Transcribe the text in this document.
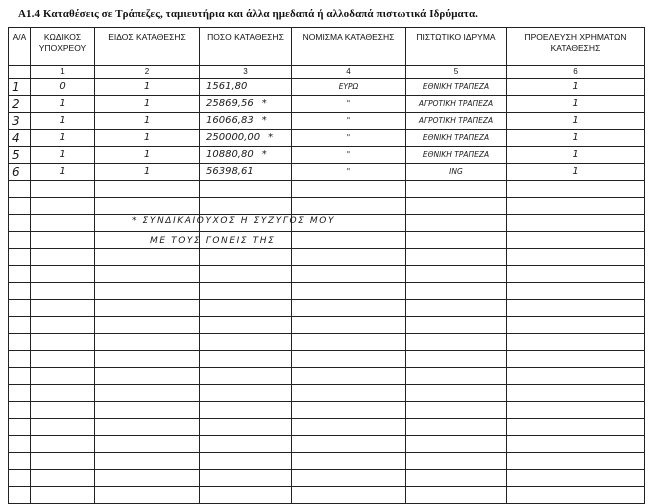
Α1.4 Καταθέσεις σε Τράπεζες, ταμιευτήρια και άλλα ημεδαπά ή αλλοδαπά πιστωτικά Ιδρύματα.
Α/Α	ΚΩΔΙΚΟΣ ΥΠΟΧΡΕΟΥ	ΕΙΔΟΣ ΚΑΤΑΘΕΣΗΣ	ΠΟΣΟ ΚΑΤΑΘΕΣΗΣ	ΝΟΜΙΣΜΑ ΚΑΤΑΘΕΣΗΣ	ΠΙΣΤΩΤΙΚΟ ΙΔΡΥΜΑ	ΠΡΟΕΛΕΥΣΗ ΧΡΗΜΑΤΩΝ ΚΑΤΑΘΕΣΗΣ
	1	2	3	4	5	6
1	0	1	1561,80	ΕΥΡΩ	ΕΘΝΙΚΗ ΤΡΑΠΕΖΑ	1
2	1	1	25869,56 *	"	ΑΓΡΟΤΙΚΗ ΤΡΑΠΕΖΑ	1
3	1	1	16066,83 *	"	ΑΓΡΟΤΙΚΗ ΤΡΑΠΕΖΑ	1
4	1	1	250000,00 *	"	ΕΘΝΙΚΗ ΤΡΑΠΕΖΑ	1
5	1	1	10880,80 *	"	ΕΘΝΙΚΗ ΤΡΑΠΕΖΑ	1
6	1	1	56398,61	"	ING	1

* ΣΥΝΔΙΚΑΙΟΥΧΟΣ Η ΣΥΖΥΓΟΣ ΜΟΥ
ΜΕ ΤΟΥΣ ΓΟΝΕΙΣ ΤΗΣ
